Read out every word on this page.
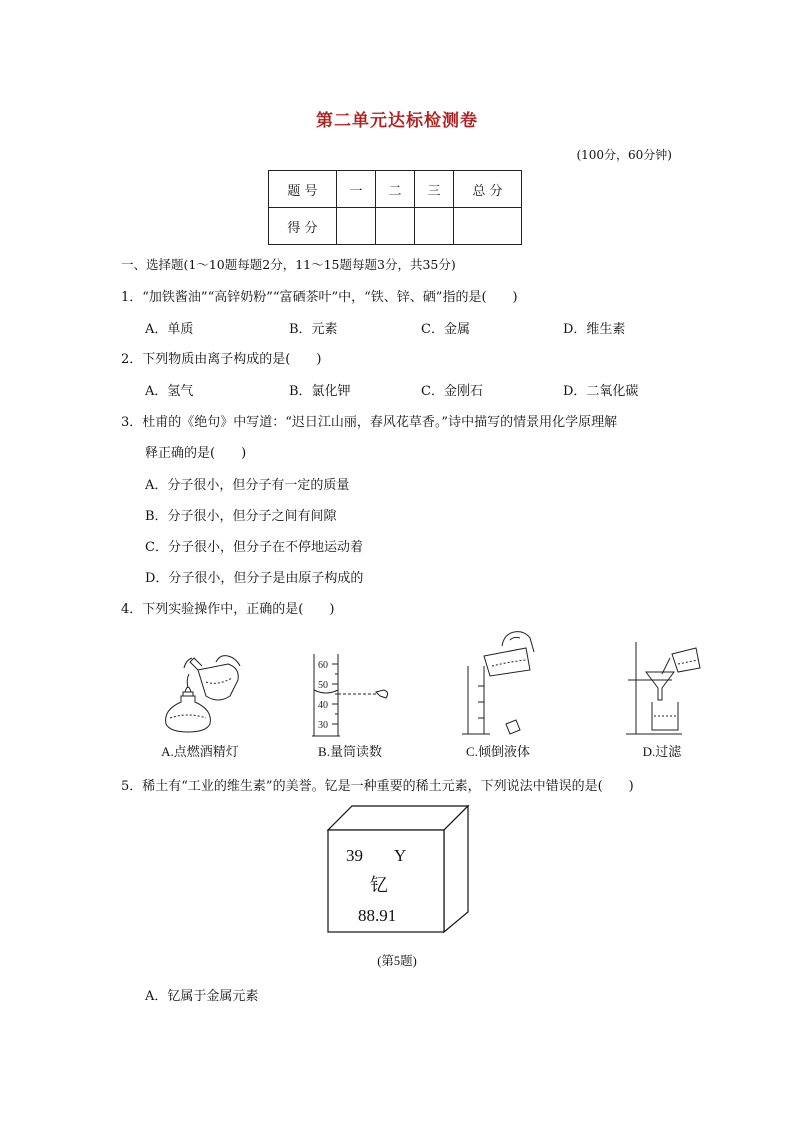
第二单元达标检测卷
(100分，60分钟)
题 号	一	二	三	总 分
得 分				
一、选择题(1～10题每题2分，11～15题每题3分，共35分)
1．“加铁酱油”“高锌奶粉”“富硒茶叶”中，“铁、锌、硒”指的是(　　)
A．单质	B．元素	C．金属	D．维生素
2．下列物质由离子构成的是(　　)
A．氢气	B．氯化钾	C．金刚石	D．二氧化碳
3．杜甫的《绝句》中写道：“迟日江山丽，春风花草香。”诗中描写的情景用化学原理解
释正确的是(　　)
A．分子很小，但分子有一定的质量
B．分子很小，但分子之间有间隙
C．分子很小，但分子在不停地运动着
D．分子很小，但分子是由原子构成的
4．下列实验操作中，正确的是(　　)
A.点燃酒精灯
60
50
40
30
B.量筒读数	C.倾倒液体	D.过滤
5．稀土有“工业的维生素”的美誉。钇是一种重要的稀土元素，下列说法中错误的是(　　)
39 Y
钇
88.91
(第5题)
A．钇属于金属元素
